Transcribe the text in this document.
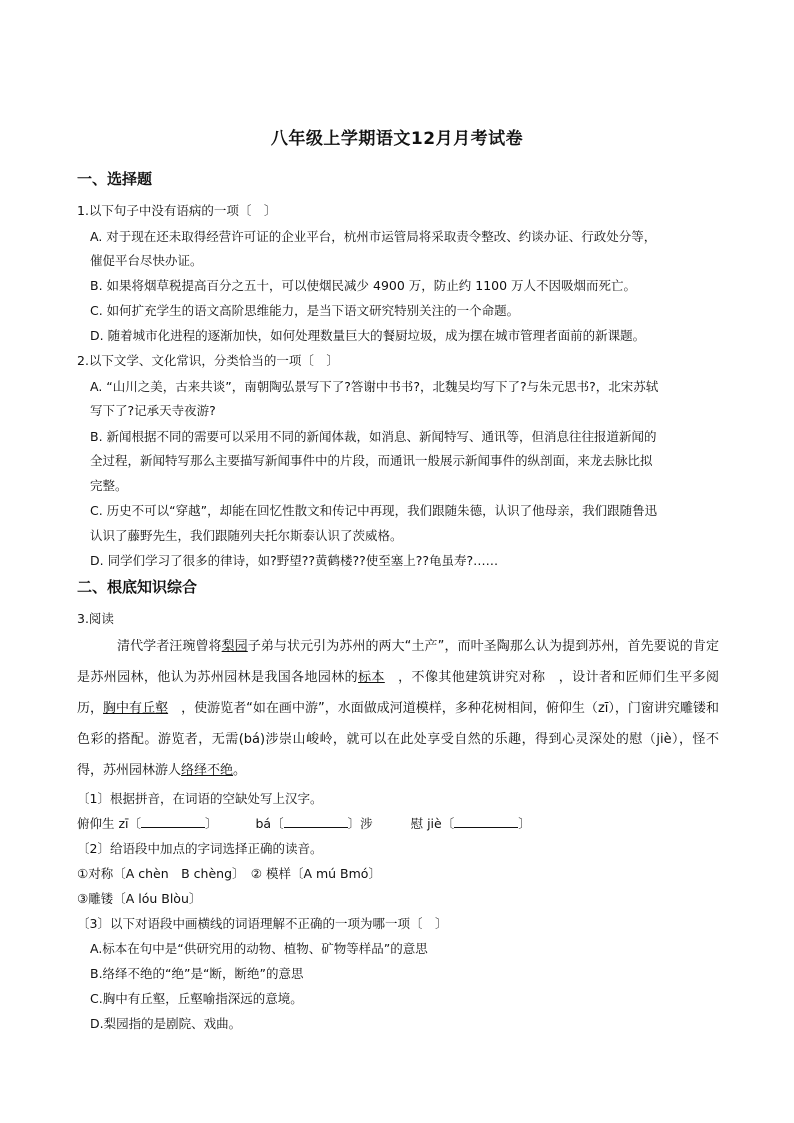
八年级上学期语文12月月考试卷
一、选择题
1.以下句子中没有语病的一项〔　〕
A. 对于现在还未取得经营许可证的企业平台，杭州市运管局将采取责令整改、约谈办证、行政处分等，
催促平台尽快办证。
B. 如果将烟草税提高百分之五十，可以使烟民减少 4900 万，防止约 1100 万人不因吸烟而死亡。
C. 如何扩充学生的语文高阶思维能力，是当下语文研究特别关注的一个命题。
D. 随着城市化进程的逐渐加快，如何处理数量巨大的餐厨垃圾，成为摆在城市管理者面前的新课题。
2.以下文学、文化常识，分类恰当的一项〔　〕
A. “山川之美，古来共谈”，南朝陶弘景写下了?答谢中书书?，北魏吴均写下了?与朱元思书?，北宋苏轼
写下了?记承天寺夜游?
B. 新闻根据不同的需要可以采用不同的新闻体裁，如消息、新闻特写、通讯等，但消息往往报道新闻的
全过程，新闻特写那么主要描写新闻事件中的片段，而通讯一般展示新闻事件的纵剖面，来龙去脉比拟
完整。
C. 历史不可以“穿越”，却能在回忆性散文和传记中再现，我们跟随朱德，认识了他母亲，我们跟随鲁迅
认识了藤野先生，我们跟随列夫托尔斯泰认识了茨威格。
D. 同学们学习了很多的律诗，如?野望??黄鹤楼??使至塞上??龟虽寿?……
二、根底知识综合
3.阅读
清代学者汪琬曾将梨园子弟与状元引为苏州的两大“土产”，而叶圣陶那么认为提到苏州，首先要说的肯定是苏州园林，他认为苏州园林是我国各地园林的标本　，不像其他建筑讲究对称　，设计者和匠师们生平多阅历，胸中有丘壑　，使游览者“如在画中游”，水面做成河道模样，多种花树相间，俯仰生（zī），门窗讲究雕镂和色彩的搭配。游览者，无需(bá)涉崇山峻岭，就可以在此处享受自然的乐趣，得到心灵深处的慰（jiè），怪不得，苏州园林游人络绎不绝。
〔1〕根据拼音，在词语的空缺处写上汉字。
俯仰生 zī〔	〕	bá〔	〕涉	慰 jiè〔	〕
〔2〕给语段中加点的字词选择正确的读音。
①对称〔A chèn　B chèng〕　② 模样〔A mú Bmó〕
③雕镂〔A lóu Blòu〕
〔3〕以下对语段中画横线的词语理解不正确的一项为哪一项〔　〕
A.标本在句中是“供研究用的动物、植物、矿物等样品”的意思
B.络绎不绝的“绝”是“断，断绝”的意思
C.胸中有丘壑，丘壑喻指深远的意境。
D.梨园指的是剧院、戏曲。
